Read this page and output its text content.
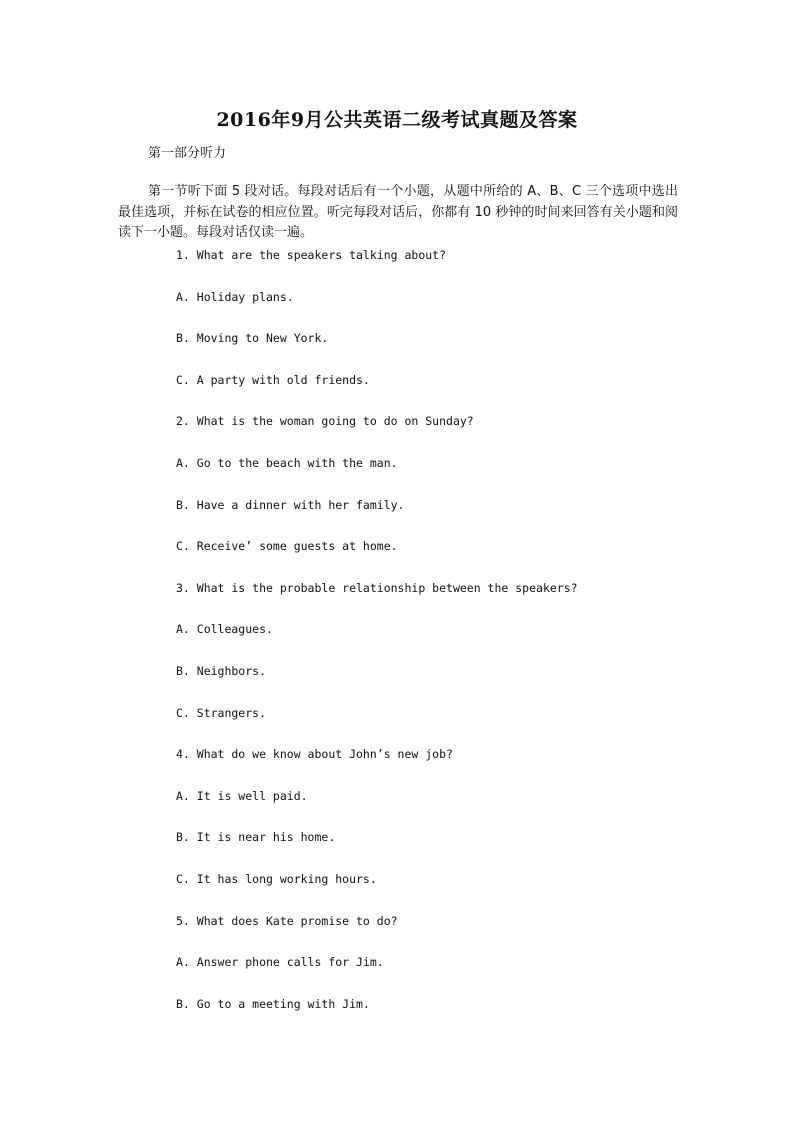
2016年9月公共英语二级考试真题及答案
第一部分听力
第一节听下面 5 段对话。每段对话后有一个小题，从题中所给的 A、B、C 三个选项中选出最佳选项，并标在试卷的相应位置。听完每段对话后，你都有 10 秒钟的时间来回答有关小题和阅读下一小题。每段对话仅读一遍。
1. What are the speakers talking about?
A. Holiday plans.
B. Moving to New York.
C. A party with old friends.
2. What is the woman going to do on Sunday?
A. Go to the beach with the man.
B. Have a dinner with her family.
C. Receive’ some guests at home.
3. What is the probable relationship between the speakers?
A. Colleagues.
B. Neighbors.
C. Strangers.
4. What do we know about John’s new job?
A. It is well paid.
B. It is near his home.
C. It has long working hours.
5. What does Kate promise to do?
A. Answer phone calls for Jim.
B. Go to a meeting with Jim.
